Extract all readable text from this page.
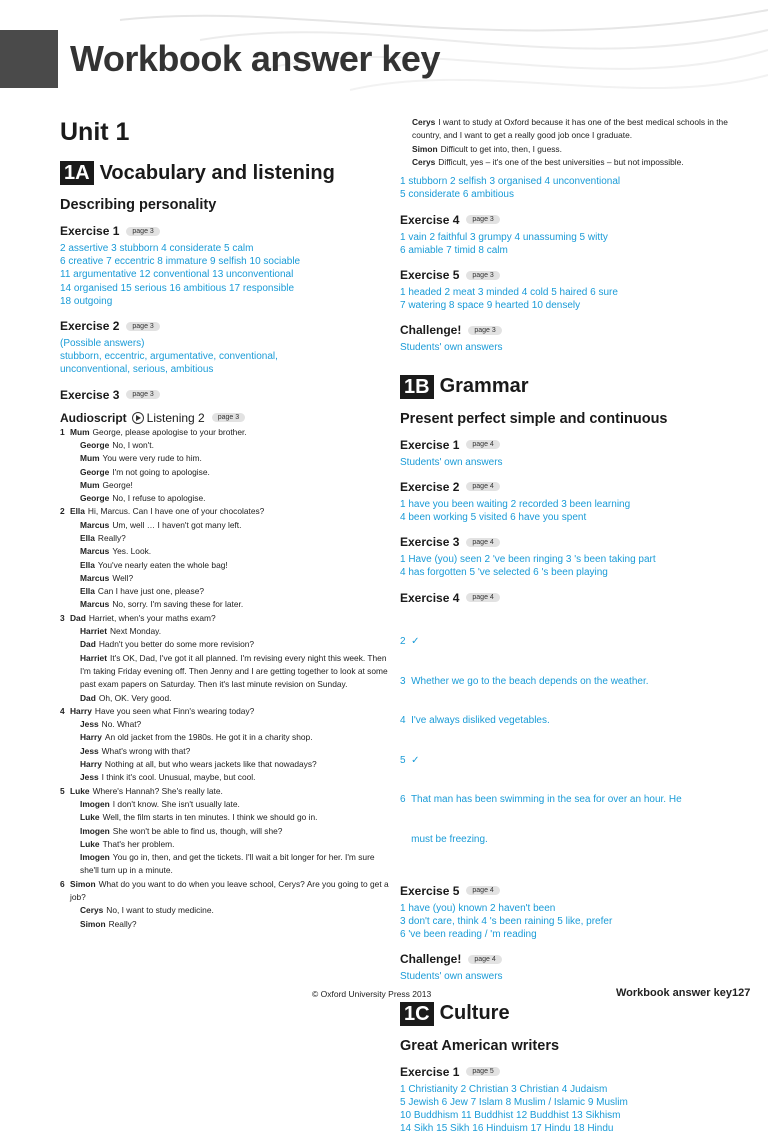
Workbook answer key
Unit 1
1A Vocabulary and listening
Describing personality
Exercise 1	page 3
2 assertive 3 stubborn 4 considerate 5 calm
6 creative 7 eccentric 8 immature 9 selfish 10 sociable
11 argumentative 12 conventional 13 unconventional
14 organised 15 serious 16 ambitious 17 responsible
18 outgoing
Exercise 2	page 3
(Possible answers)
stubborn, eccentric, argumentative, conventional,
unconventional, serious, ambitious
Exercise 3	page 3
Audioscript Listening 2	page 3
1 Mum George, please apologise to your brother.
George No, I won't.
Mum You were very rude to him.
George I'm not going to apologise.
Mum George!
George No, I refuse to apologise.
2 Ella Hi, Marcus. Can I have one of your chocolates?
Marcus Um, well … I haven't got many left.
Ella Really?
Marcus Yes. Look.
Ella You've nearly eaten the whole bag!
Marcus Well?
Ella Can I have just one, please?
Marcus No, sorry. I'm saving these for later.
3 Dad Harriet, when's your maths exam?
Harriet Next Monday.
Dad Hadn't you better do some more revision?
Harriet It's OK, Dad, I've got it all planned. I'm revising every night this week. Then I'm taking Friday evening off. Then Jenny and I are getting together to look at some past exam papers on Saturday. Then it's last minute revision on Sunday.
Dad Oh, OK. Very good.
4 Harry Have you seen what Finn's wearing today?
Jess No. What?
Harry An old jacket from the 1980s. He got it in a charity shop.
Jess What's wrong with that?
Harry Nothing at all, but who wears jackets like that nowadays?
Jess I think it's cool. Unusual, maybe, but cool.
5 Luke Where's Hannah? She's really late.
Imogen I don't know. She isn't usually late.
Luke Well, the film starts in ten minutes. I think we should go in.
Imogen She won't be able to find us, though, will she?
Luke That's her problem.
Imogen You go in, then, and get the tickets. I'll wait a bit longer for her. I'm sure she'll turn up in a minute.
6 Simon What do you want to do when you leave school, Cerys? Are you going to get a job?
Cerys No, I want to study medicine.
Simon Really?
Cerys I want to study at Oxford because it has one of the best medical schools in the country, and I want to get a really good job once I graduate.
Simon Difficult to get into, then, I guess.
Cerys Difficult, yes – it's one of the best universities – but not impossible.
1 stubborn 2 selfish 3 organised 4 unconventional
5 considerate 6 ambitious
Exercise 4	page 3
1 vain 2 faithful 3 grumpy 4 unassuming 5 witty
6 amiable 7 timid 8 calm
Exercise 5	page 3
1 headed 2 meat 3 minded 4 cold 5 haired 6 sure
7 watering 8 space 9 hearted 10 densely
Challenge!	page 3
Students' own answers
1B Grammar
Present perfect simple and continuous
Exercise 1	page 4
Students' own answers
Exercise 2	page 4
1 have you been waiting 2 recorded 3 been learning
4 been working 5 visited 6 have you spent
Exercise 3	page 4
1 Have (you) seen 2 've been ringing 3 's been taking part
4 has forgotten 5 've selected 6 's been playing
Exercise 4	page 4

2  ✓

3  Whether we go to the beach depends on the weather.

4  I've always disliked vegetables.

5  ✓

6  That man has been swimming in the sea for over an hour. He

must be freezing.

Exercise 5	page 4
1 have (you) known 2 haven't been
3 don't care, think 4 's been raining 5 like, prefer
6 've been reading / 'm reading
Challenge!	page 4
Students' own answers
1C Culture
Great American writers
Exercise 1	page 5
1 Christianity 2 Christian 3 Christian 4 Judaism
5 Jewish 6 Jew 7 Islam 8 Muslim / Islamic 9 Muslim
10 Buddhism 11 Buddhist 12 Buddhist 13 Sikhism
14 Sikh 15 Sikh 16 Hinduism 17 Hindu 18 Hindu
© Oxford University Press 2013	Workbook answer key 127
